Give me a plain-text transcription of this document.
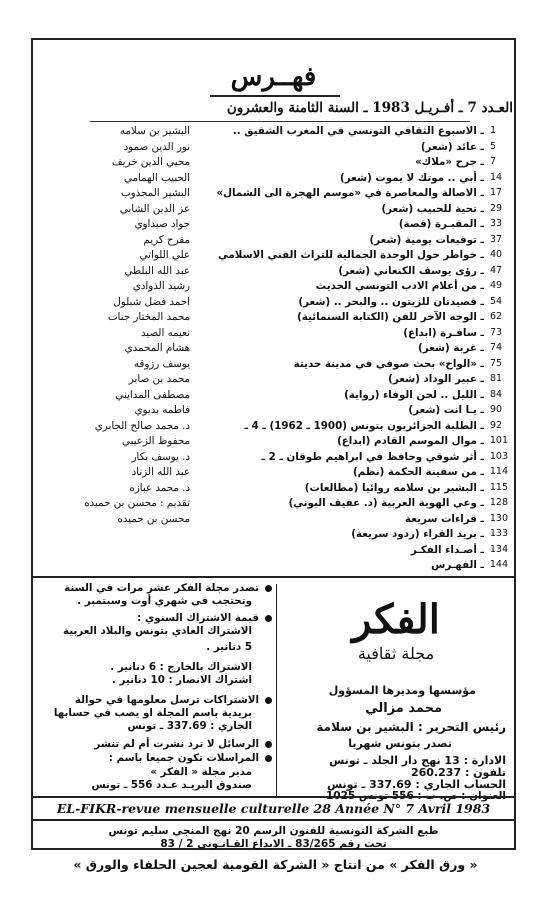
فهــرس
العـدد 7 ـ أفـريـل 1983 ـ السنة الثامنة والعشرون
1
ـ الاسبوع الثقافي التونسي في المغرب الشقيق ..
البشير بن سلامه
5
ـ عائد (شعر)
نور الدين صمود
7
ـ جرح «ملاك»
محيي الدين خريف
14
ـ أبي .. موتك لا يموت (شعر)
الحبيب الهمامي
17
ـ الاصالة والمعاصرة في «موسم الهجرة الى الشمال»
البشير المجذوب
29
ـ تحية للحبيب (شعر)
عز الدين الشابي
33
ـ المقبـرة (قصة)
جواد صيداوي
37
ـ توقيعات يومية (شعر)
مفرح كريم
40
ـ خواطر حول الوحدة الجمالية للتراث الفني الاسلامي
علي اللواتي
47
ـ رؤى يوسف الكنعاني (شعر)
عبد الله البلطي
49
ـ من أعلام الادب التونسي الحديث
رشيد الذوادي
54
ـ قصيدتان للزيتون .. والبحر .. (شعر)
احمد فضل شبلول
62
ـ الوجه الآخر للفن (الكتابة السنمائية)
محمد المختار جنات
73
ـ سافـرة (ابداع)
نعيمه الصيد
74
ـ غربة (شعر)
هشام المحمدي
75
ـ «الواح» بحث صوفي في مدينة حديثة
يوسف رزوقه
81
ـ عبير الوداد (شعر)
محمد بن صابر
84
ـ الليل .. لحن الوفاء (رواية)
مصطفى المدايني
90
ـ يـا انت (شعر)
فاطمه بديوي
92
ـ الطلبة الجزائريون بتونس (1900 ـ 1962) ـ 4 ـ
د. محمد صالح الجابري
101
ـ موال الموسم القادم (ابداع)
محفوظ الزعيبي
103
ـ أثر شوقي وحافظ في ابراهيم طوقان ـ 2 ـ
د. يوسف بكار
114
ـ من سفينة الحكمة (نظم)
عبد الله الزناد
115
ـ البشير بن سلامه روائيا (مطالعات)
د. محمد عبازه
128
ـ وعي الهوية العربية (د. عفيف البوني)
تقديم : محسن بن حميده
130
ـ قراءات سريعة
محسن بن حميده
133
ـ بريد القراء (ردود سريعة)
134
ـ أصـداء الفكـر
144
ـ الفهـرس
تصدر مجلة الفكر عشر مرات في السنة
وتحتجب في شهري أوت وسبتمبر .
قيمة الاشتراك السنوي :
الاشتراك العادي بتونس والبلاد العربية
5 دنانير .
الاشتراك بالخارج : 6 دنانير .
اشتراك الانصار : 10 دنانير .
الاشتراكات ترسل معلومها في حوالة
بريدية باسم المجلة او يصب في حسابها
الجاري : 337.69 ـ تونس
الرسائل لا ترد نشرت أم لم تنشر
المراسلات تكون جميعا باسم :
مدير مجلة « الفكر »
صندوق البريـد عـدد 556 ـ تونس
الفكر
مجلة ثقافية
مؤسسها ومديرها المسؤول
محمد مزالي
رئيس التحرير : البشير بن سلامة
تصدر بتونس شهريا
الادارة : 13 نهج دار الجلد ـ تونس
تلفون : 260.237
الحساب الجاري : 337.69 ـ تونس
العنوان : ص. ب : 556 تونس 1025
EL-FIKR-revue mensuelle culturelle 28 Année N° 7 Avril 1983
طبع الشركة التونسية للفنون الرسم 20 نهج المنجي سليم تونس
تحت رقم 83/265 ـ الايداع القـانـوني 2 / 83
« ورق الفكر » من انتاج « الشركة القومية لعجين الحلفاء والورق »
